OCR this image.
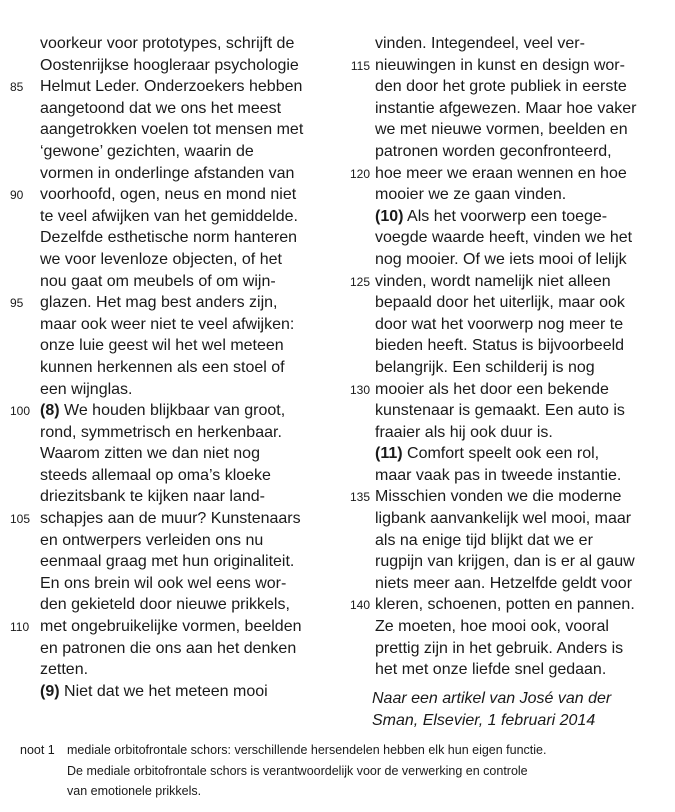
voorkeur voor prototypes, schrijft de
Oostenrijkse hoogleraar psychologie
85	Helmut Leder. Onderzoekers hebben
aangetoond dat we ons het meest
aangetrokken voelen tot mensen met
‘gewone’ gezichten, waarin de
vormen in onderlinge afstanden van
90	voorhoofd, ogen, neus en mond niet
te veel afwijken van het gemiddelde.
Dezelfde esthetische norm hanteren
we voor levenloze objecten, of het
nou gaat om meubels of om wijn-
95	glazen. Het mag best anders zijn,
maar ook weer niet te veel afwijken:
onze luie geest wil het wel meteen
kunnen herkennen als een stoel of
een wijnglas.
100 (8) We houden blijkbaar van groot,
rond, symmetrisch en herkenbaar.
Waarom zitten we dan niet nog
steeds allemaal op oma’s kloeke
driezitsbank te kijken naar land-
105 schapjes aan de muur? Kunstenaars
en ontwerpers verleiden ons nu
eenmaal graag met hun originaliteit.
En ons brein wil ook wel eens wor-
den gekieteld door nieuwe prikkels,
110 met ongebruikelijke vormen, beelden
en patronen die ons aan het denken
zetten.
(9) Niet dat we het meteen mooi
vinden. Integendeel, veel ver-
115 nieuwingen in kunst en design wor-
den door het grote publiek in eerste
instantie afgewezen. Maar hoe vaker
we met nieuwe vormen, beelden en
patronen worden geconfronteerd,
120 hoe meer we eraan wennen en hoe
mooier we ze gaan vinden.
(10) Als het voorwerp een toege-
voegde waarde heeft, vinden we het
nog mooier. Of we iets mooi of lelijk
125 vinden, wordt namelijk niet alleen
bepaald door het uiterlijk, maar ook
door wat het voorwerp nog meer te
bieden heeft. Status is bijvoorbeeld
belangrijk. Een schilderij is nog
130 mooier als het door een bekende
kunstenaar is gemaakt. Een auto is
fraaier als hij ook duur is.
(11) Comfort speelt ook een rol,
maar vaak pas in tweede instantie.
135 Misschien vonden we die moderne
ligbank aanvankelijk wel mooi, maar
als na enige tijd blijkt dat we er
rugpijn van krijgen, dan is er al gauw
niets meer aan. Hetzelfde geldt voor
140 kleren, schoenen, potten en pannen.
Ze moeten, hoe mooi ook, vooral
prettig zijn in het gebruik. Anders is
het met onze liefde snel gedaan.
Naar een artikel van José van der
Sman, Elsevier, 1 februari 2014
noot 1 mediale orbitofrontale schors: verschillende hersendelen hebben elk hun eigen functie.
De mediale orbitofrontale schors is verantwoordelijk voor de verwerking en controle
van emotionele prikkels.
